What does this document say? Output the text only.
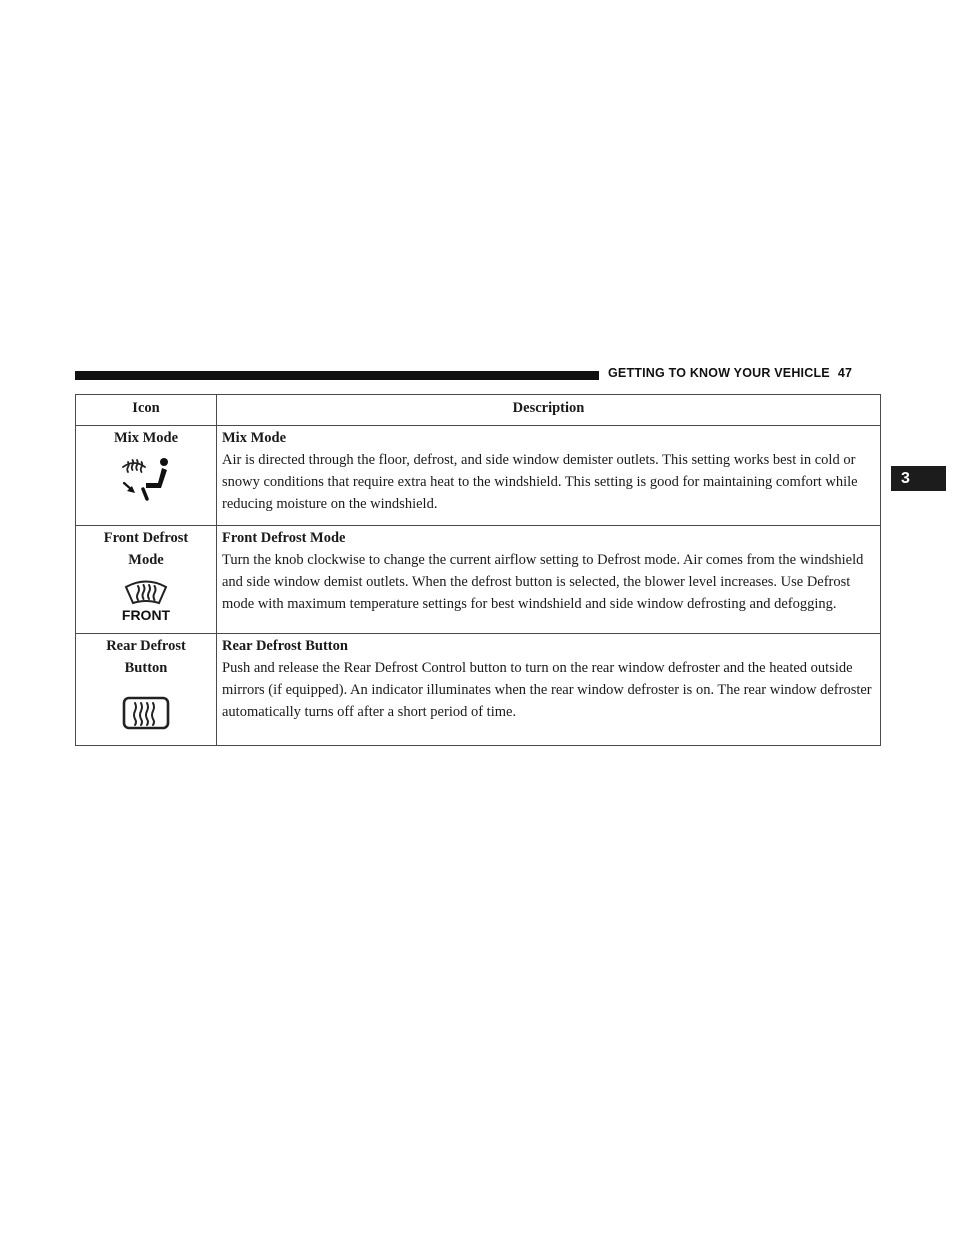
GETTING TO KNOW YOUR VEHICLE 47
3
Icon	Description

Mix Mode	Mix Mode
Air is directed through the floor, defrost, and side window demister outlets. This setting works best in cold or snowy conditions that require extra heat to the windshield. This setting is good for maintaining comfort while reducing moisture on the windshield.

Front Defrost Mode
FRONT	Front Defrost Mode
Turn the knob clockwise to change the current airflow setting to Defrost mode. Air comes from the windshield and side window demist outlets. When the defrost button is selected, the blower level increases. Use Defrost mode with maximum temperature settings for best windshield and side window defrosting and defogging.

Rear Defrost Button	Rear Defrost Button
Push and release the Rear Defrost Control button to turn on the rear window defroster and the heated outside mirrors (if equipped). An indicator illuminates when the rear window defroster is on. The rear window defroster automatically turns off after a short period of time.
